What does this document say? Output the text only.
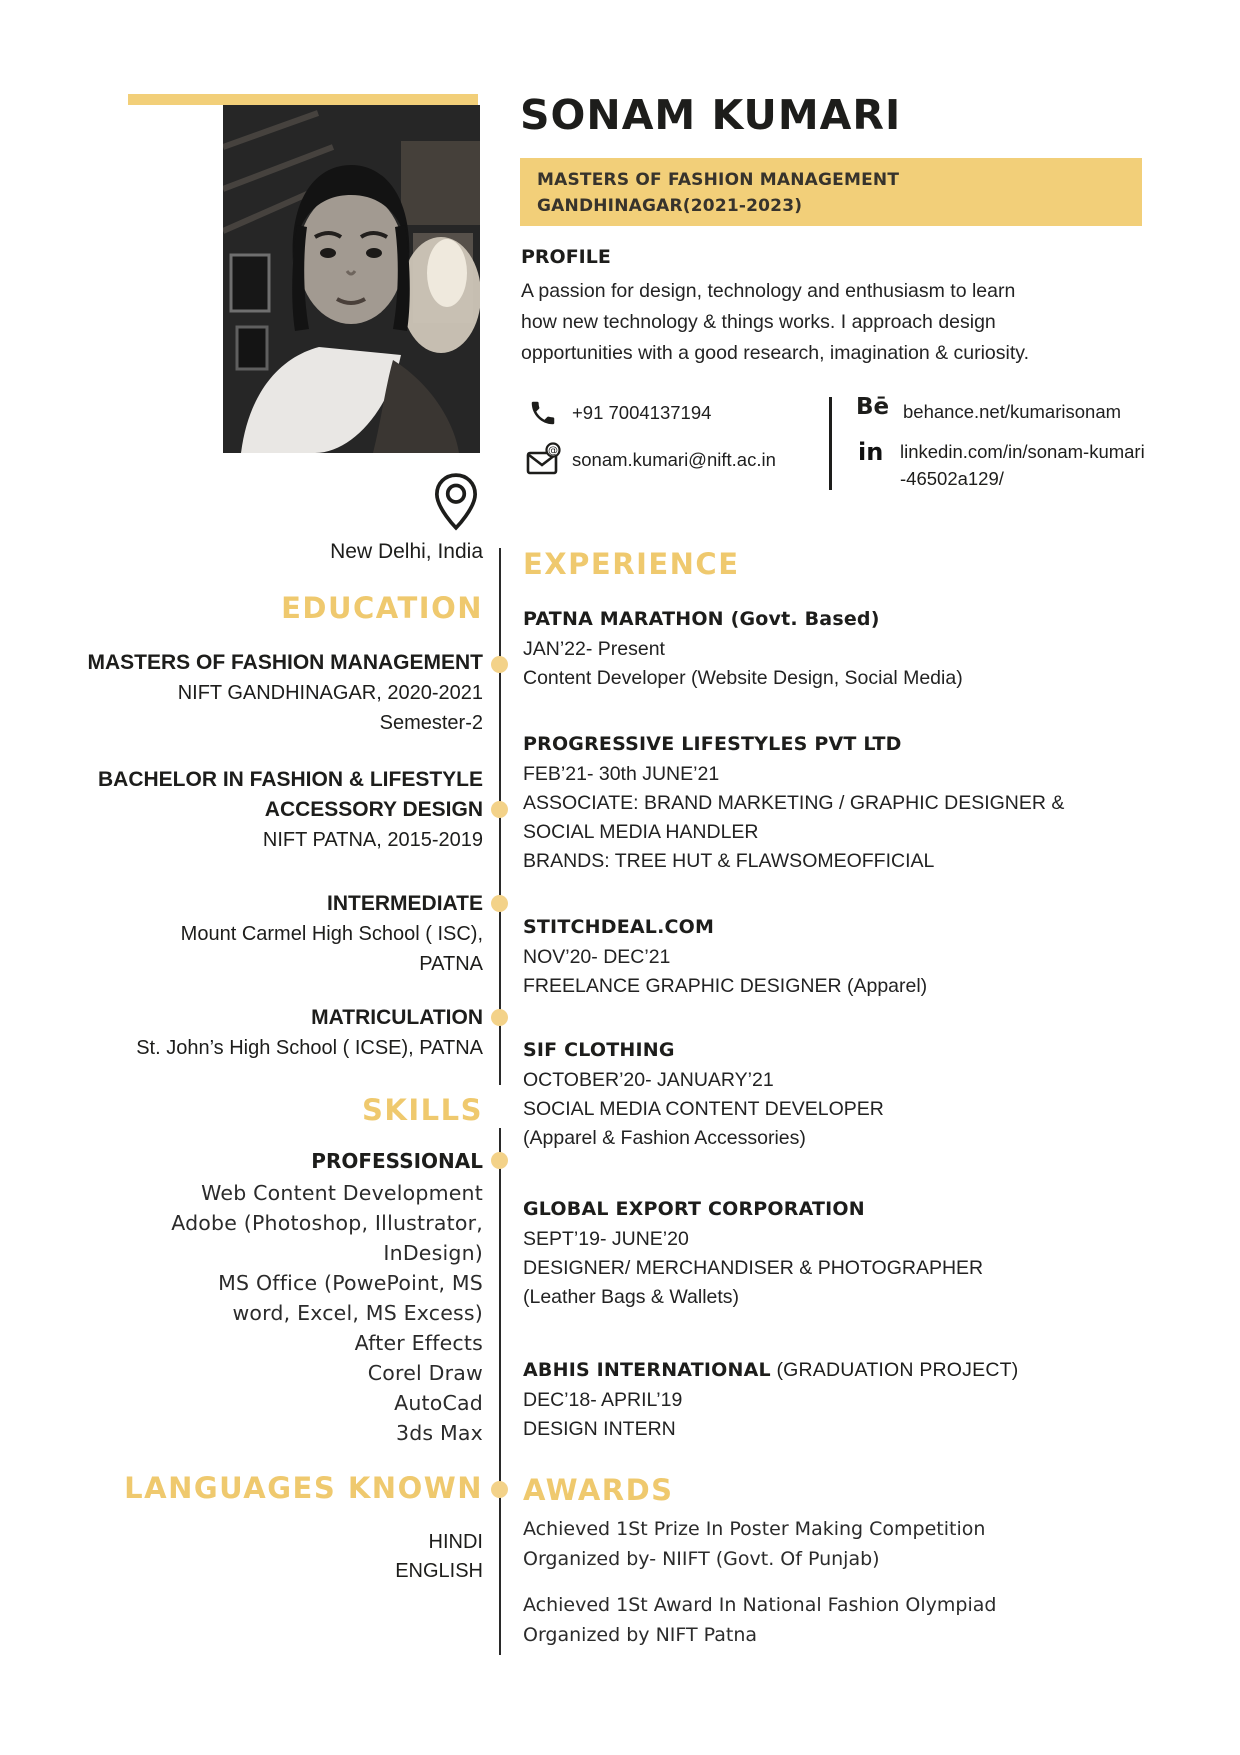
SONAM KUMARI
MASTERS OF FASHION MANAGEMENT
GANDHINAGAR(2021-2023)
PROFILE
A passion for design, technology and enthusiasm to learn
how new technology & things works. I approach design
opportunities with a good research, imagination & curiosity.
+91 7004137194
@ sonam.kumari@nift.ac.in
Bē behance.net/kumarisonam
in linkedin.com/in/sonam-kumari
-46502a129/
New Delhi, India
EDUCATION
MASTERS OF FASHION MANAGEMENT
NIFT GANDHINAGAR, 2020-2021
Semester-2
BACHELOR IN FASHION & LIFESTYLE
ACCESSORY DESIGN
NIFT PATNA, 2015-2019
INTERMEDIATE
Mount Carmel High School ( ISC),
PATNA
MATRICULATION
St. John’s High School ( ICSE), PATNA
SKILLS
PROFESSIONAL
Web Content Development
Adobe (Photoshop, Illustrator,
InDesign)
MS Office (PowePoint, MS
word, Excel, MS Excess)
After Effects
Corel Draw
AutoCad
3ds Max
LANGUAGES KNOWN
HINDI
ENGLISH
EXPERIENCE
PATNA MARATHON (Govt. Based)
JAN’22- Present
Content Developer (Website Design, Social Media)
PROGRESSIVE LIFESTYLES PVT LTD
FEB’21- 30th JUNE’21
ASSOCIATE: BRAND MARKETING / GRAPHIC DESIGNER &
SOCIAL MEDIA HANDLER
BRANDS: TREE HUT & FLAWSOMEOFFICIAL
STITCHDEAL.COM
NOV’20- DEC’21
FREELANCE GRAPHIC DESIGNER (Apparel)
SIF CLOTHING
OCTOBER’20- JANUARY’21
SOCIAL MEDIA CONTENT DEVELOPER
(Apparel & Fashion Accessories)
GLOBAL EXPORT CORPORATION
SEPT’19- JUNE’20
DESIGNER/ MERCHANDISER & PHOTOGRAPHER
(Leather Bags & Wallets)
ABHIS INTERNATIONAL (GRADUATION PROJECT)
DEC’18- APRIL’19
DESIGN INTERN
AWARDS
Achieved 1St Prize In Poster Making Competition
Organized by- NIIFT (Govt. Of Punjab)
Achieved 1St Award In National Fashion Olympiad
Organized by NIFT Patna
